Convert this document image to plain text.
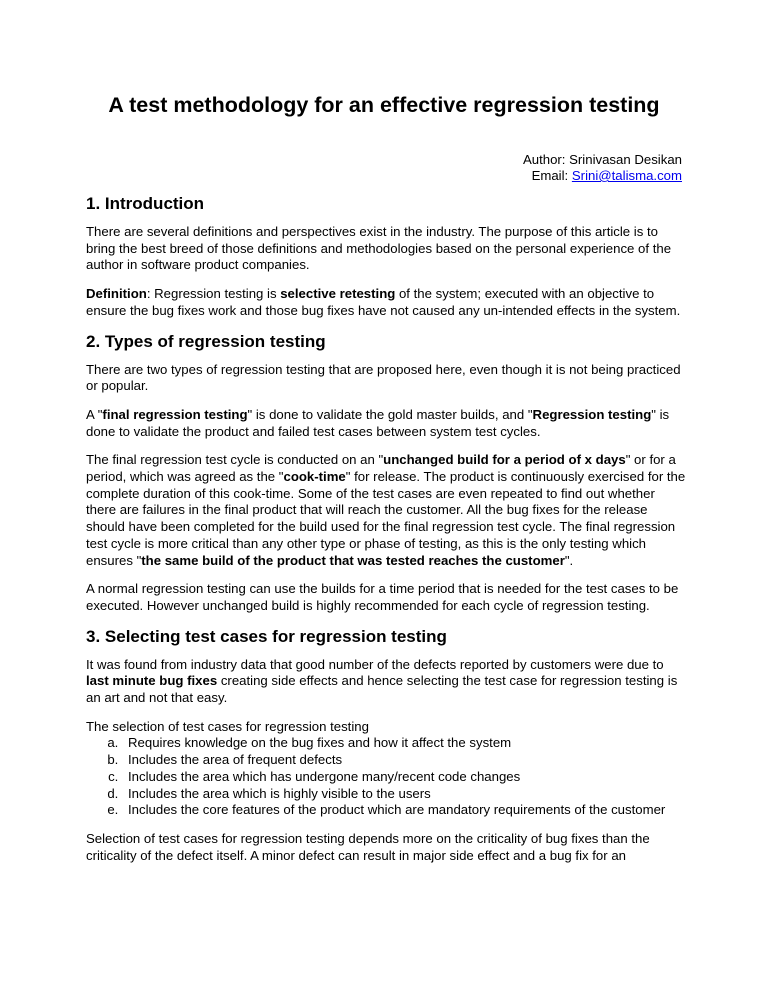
A test methodology for an effective regression testing
Author: Srinivasan Desikan
Email: Srini@talisma.com
1. Introduction

There are several definitions and perspectives exist in the industry. The purpose of this article is to bring the best breed of those definitions and methodologies based on the personal experience of the author in software product companies.

Definition: Regression testing is selective retesting of the system; executed with an objective to ensure the bug fixes work and those bug fixes have not caused any un-intended effects in the system.

2. Types of regression testing

There are two types of regression testing that are proposed here, even though it is not being practiced or popular.

A "final regression testing" is done to validate the gold master builds, and "Regression testing" is done to validate the product and failed test cases between system test cycles.

The final regression test cycle is conducted on an "unchanged build for a period of x days" or for a period, which was agreed as the "cook-time" for release. The product is continuously exercised for the complete duration of this cook-time. Some of the test cases are even repeated to find out whether there are failures in the final product that will reach the customer. All the bug fixes for the release should have been completed for the build used for the final regression test cycle. The final regression test cycle is more critical than any other type or phase of testing, as this is the only testing which ensures "the same build of the product that was tested reaches the customer".

A normal regression testing can use the builds for a time period that is needed for the test cases to be executed. However unchanged build is highly recommended for each cycle of regression testing.

3. Selecting test cases for regression testing

It was found from industry data that good number of the defects reported by customers were due to last minute bug fixes creating side effects and hence selecting the test case for regression testing is an art and not that easy.

The selection of test cases for regression testing
a. Requires knowledge on the bug fixes and how it affect the system
b. Includes the area of frequent defects
c. Includes the area which has undergone many/recent code changes
d. Includes the area which is highly visible to the users
e. Includes the core features of the product which are mandatory requirements of the customer

Selection of test cases for regression testing depends more on the criticality of bug fixes than the criticality of the defect itself. A minor defect can result in major side effect and a bug fix for an
